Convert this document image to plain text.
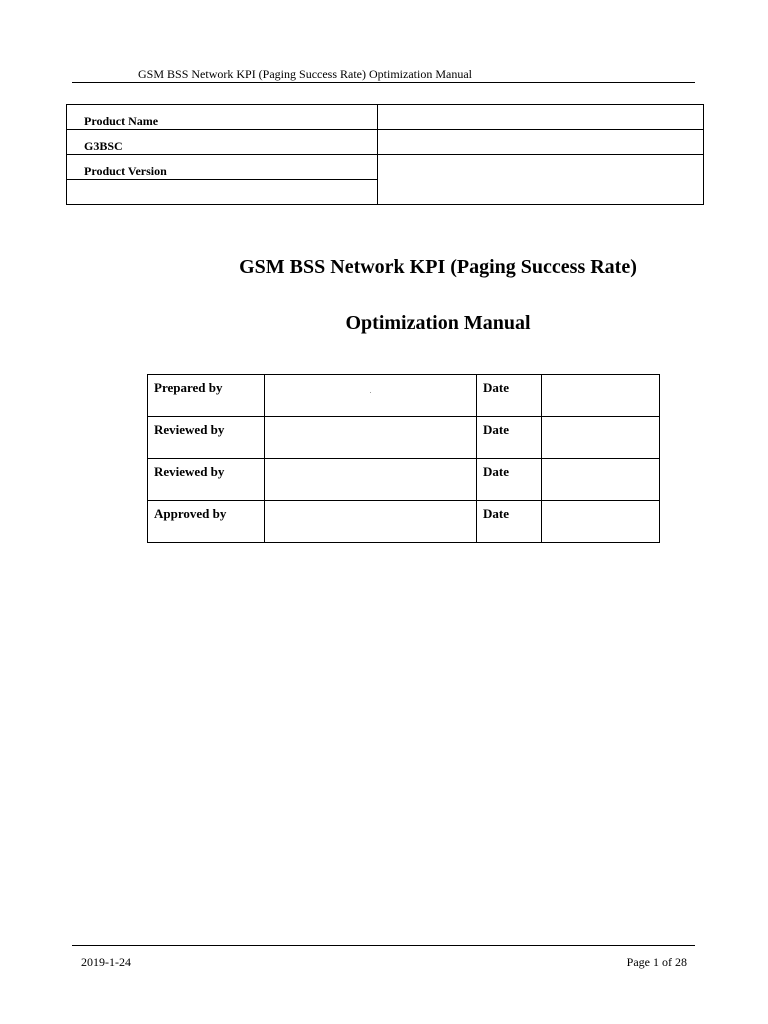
GSM BSS Network KPI (Paging Success Rate) Optimization Manual
Product Name	

G3BSC	

Product Version	

GSM BSS Network KPI (Paging Success Rate)
Optimization Manual
Prepared by	.	Date	

Reviewed by		Date	

Reviewed by		Date	

Approved by		Date	

2019-1-24	Page 1 of 28
